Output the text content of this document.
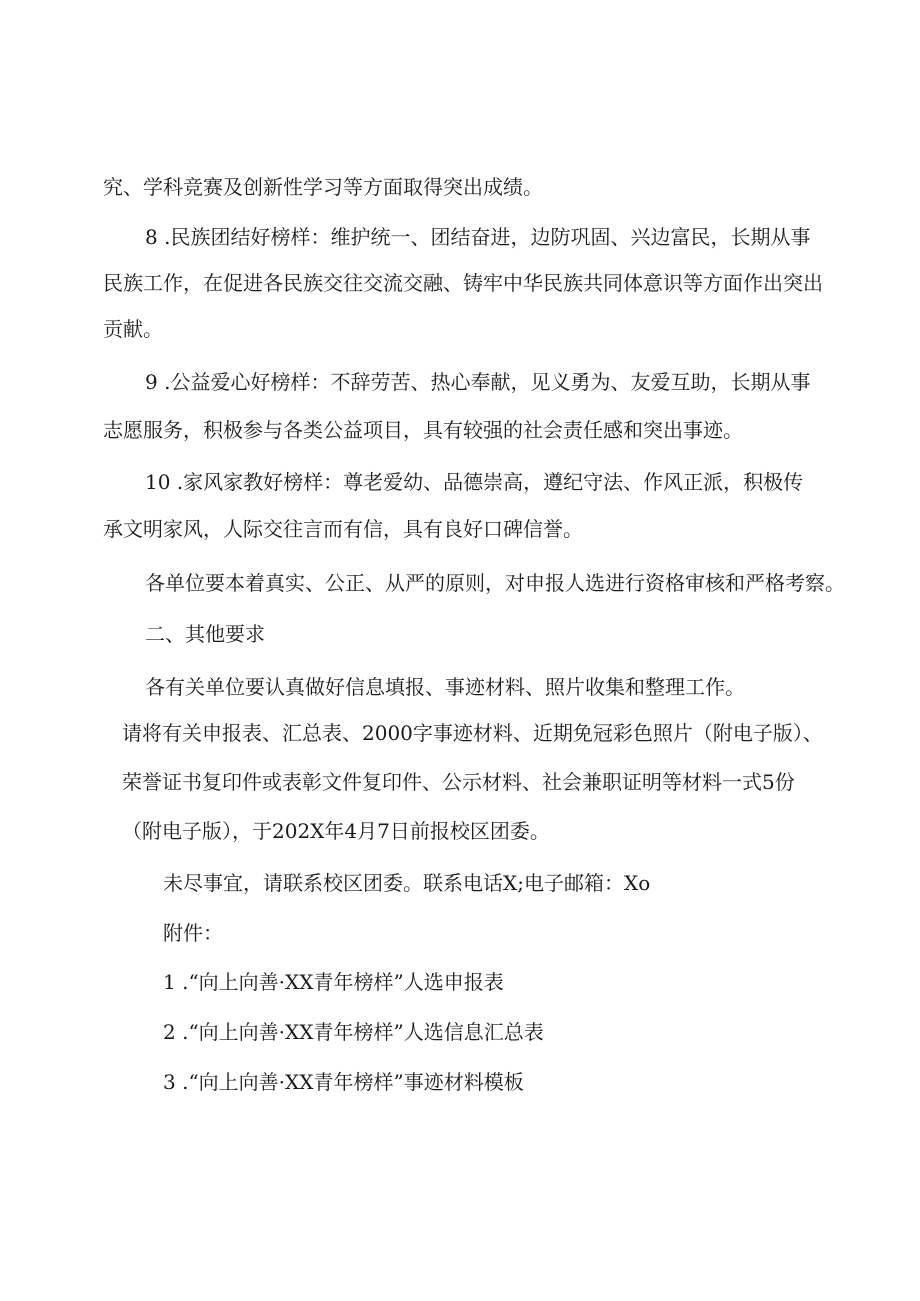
究、学科竞赛及创新性学习等方面取得突出成绩。

8 .民族团结好榜样：维护统一、团结奋进，边防巩固、兴边富民，长期从事

民族工作，在促进各民族交往交流交融、铸牢中华民族共同体意识等方面作出突出

贡献。

9 .公益爱心好榜样：不辞劳苦、热心奉献，见义勇为、友爱互助，长期从事

志愿服务，积极参与各类公益项目，具有较强的社会责任感和突出事迹。

10 .家风家教好榜样：尊老爱幼、品德崇高，遵纪守法、作风正派，积极传

承文明家风，人际交往言而有信，具有良好口碑信誉。

各单位要本着真实、公正、从严的原则，对申报人选进行资格审核和严格考察。

二、其他要求

各有关单位要认真做好信息填报、事迹材料、照片收集和整理工作。

请将有关申报表、汇总表、2000字事迹材料、近期免冠彩色照片（附电子版）、

荣誉证书复印件或表彰文件复印件、公示材料、社会兼职证明等材料一式5份

（附电子版），于202X年4月7日前报校区团委。

未尽事宜，请联系校区团委。联系电话X;电子邮箱：Xo

附件：

1 .“向上向善·XX青年榜样”人选申报表

2 .“向上向善·XX青年榜样”人选信息汇总表

3 .“向上向善·XX青年榜样”事迹材料模板
